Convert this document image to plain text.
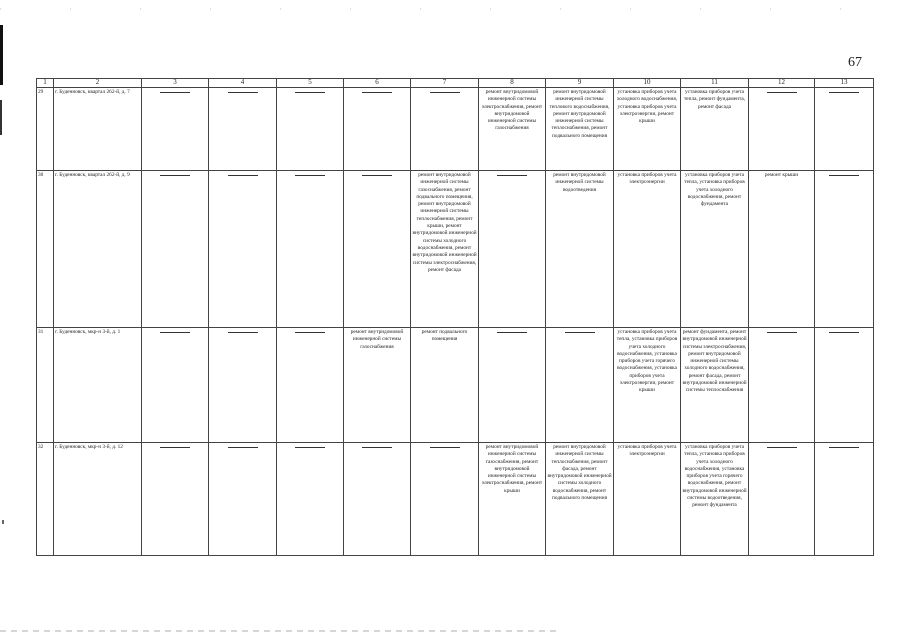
67
1	2	3	4	5	6	7	8	9	10	11	12	13
29	г. Буденновск, квартал 262-й, д. 7						ремонт внутридомовой инженерной системы электроснабжения, ремонт внутридомовой инженерной системы газоснабжения	ремонт внутридомовой инженерной системы теплового водоснабжения, ремонт внутридомовой инженерной системы теплоснабжения, ремонт подвального помещения	установка приборов учета холодного водоснабжения, установка приборов учета электроэнергии, ремонт крыши	установка приборов учета тепла, ремонт фундамента, ремонт фасада	

30	г. Буденновск, квартал 262-й, д. 9					ремонт внутридомовой инженерной системы газоснабжения, ремонт подвального помещения, ремонт внутридомовой инженерной системы теплоснабжения, ремонт крыши, ремонт внутридомовой инженерной системы холодного водоснабжения, ремонт внутридомовой инженерной системы электроснабжения, ремонт фасада		ремонт внутридомовой инженерной системы водоотведения	установка приборов учета электроэнергии	установка приборов учета тепла, установка приборов учета холодного водоснабжения, ремонт фундамента	ремонт крыши	

31	г. Буденновск, мкр-н 3-й, д. 1				ремонт внутридомовой инженерной системы газоснабжения	ремонт подвального помещения			установка приборов учета тепла, установка приборов учета холодного водоснабжения, установка приборов учета горячего водоснабжения, установка приборов учета электроэнергии, ремонт крыши	ремонт фундамента, ремонт внутридомовой инженерной системы электроснабжения, ремонт внутридомовой инженерной системы холодного водоснабжения, ремонт фасада, ремонт внутридомовой инженерной системы теплоснабжения	

32	г. Буденновск, мкр-н 3-й, д. 12						ремонт внутридомовой инженерной системы газоснабжения, ремонт внутридомовой инженерной системы электроснабжения, ремонт крыши	ремонт внутридомовой инженерной системы теплоснабжения, ремонт фасада, ремонт внутридомовой инженерной системы холодного водоснабжения, ремонт подвального помещения	установка приборов учета электроэнергии	установка приборов учета тепла, установка приборов учета холодного водоснабжения, установка приборов учета горячего водоснабжения, ремонт внутридомовой инженерной системы водоотведения, ремонт фундамента	
